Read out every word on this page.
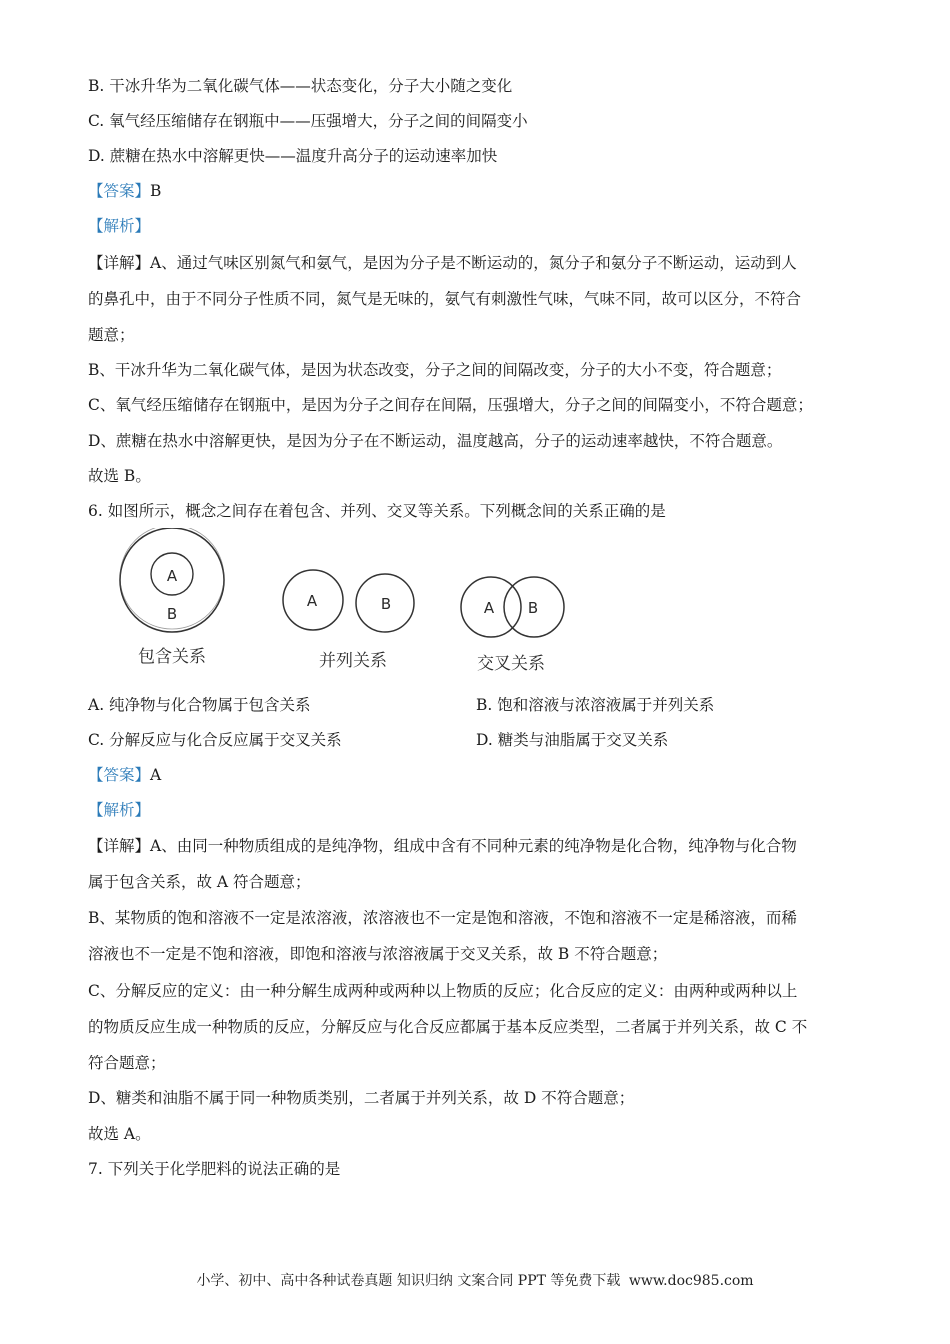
B. 干冰升华为二氧化碳气体——状态变化，分子大小随之变化
C. 氧气经压缩储存在钢瓶中——压强增大，分子之间的间隔变小
D. 蔗糖在热水中溶解更快——温度升高分子的运动速率加快
【答案】B
【解析】
【详解】A、通过气味区别氮气和氨气，是因为分子是不断运动的，氮分子和氨分子不断运动，运动到人
的鼻孔中，由于不同分子性质不同，氮气是无味的，氨气有刺激性气味，气味不同，故可以区分，不符合
题意；
B、干冰升华为二氧化碳气体，是因为状态改变，分子之间的间隔改变，分子的大小不变，符合题意；
C、氧气经压缩储存在钢瓶中，是因为分子之间存在间隔，压强增大，分子之间的间隔变小，不符合题意；
D、蔗糖在热水中溶解更快，是因为分子在不断运动，温度越高，分子的运动速率越快，不符合题意。
故选 B。
6. 如图所示，概念之间存在着包含、并列、交叉等关系。下列概念间的关系正确的是
A
B
包含关系
A	B
并列关系
A B
交叉关系
A. 纯净物与化合物属于包含关系	B. 饱和溶液与浓溶液属于并列关系
C. 分解反应与化合反应属于交叉关系	D. 糖类与油脂属于交叉关系
【答案】A
【解析】
【详解】A、由同一种物质组成的是纯净物，组成中含有不同种元素的纯净物是化合物，纯净物与化合物
属于包含关系，故 A 符合题意；
B、某物质的饱和溶液不一定是浓溶液，浓溶液也不一定是饱和溶液，不饱和溶液不一定是稀溶液，而稀
溶液也不一定是不饱和溶液，即饱和溶液与浓溶液属于交叉关系，故 B 不符合题意；
C、分解反应的定义：由一种分解生成两种或两种以上物质的反应；化合反应的定义：由两种或两种以上
的物质反应生成一种物质的反应，分解反应与化合反应都属于基本反应类型，二者属于并列关系，故 C 不
符合题意；
D、糖类和油脂不属于同一种物质类别，二者属于并列关系，故 D 不符合题意；
故选 A。
7. 下列关于化学肥料的说法正确的是
小学、初中、高中各种试卷真题 知识归纳 文案合同 PPT 等免费下载 www.doc985.com
